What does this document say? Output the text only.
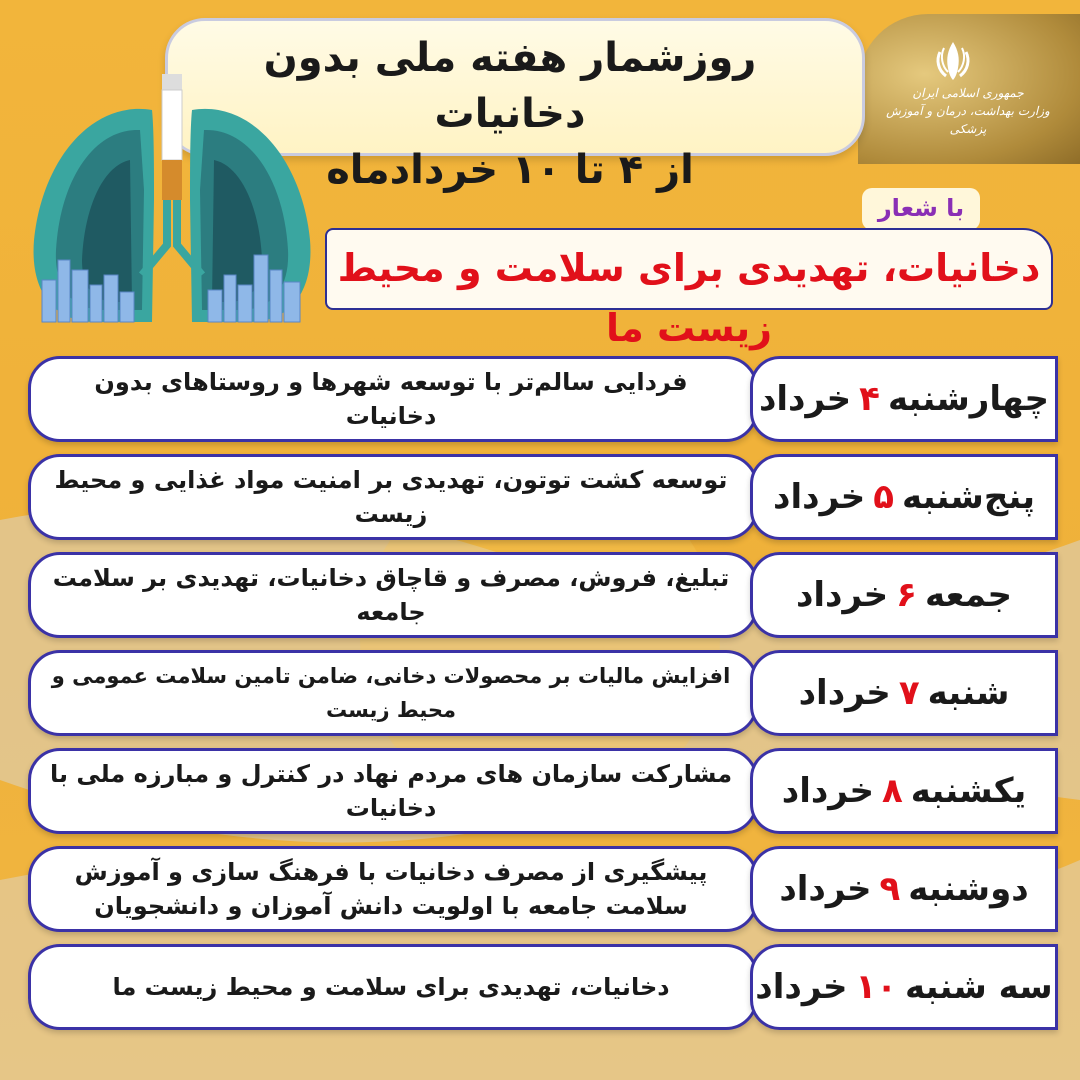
جمهوری اسلامی ایران
وزارت بهداشت، درمان و آموزش پزشکی
روزشمار هفته ملی بدون دخانیات
از ۴ تا ۱۰ خردادماه
با شعار
دخانیات، تهدیدی برای سلامت و محیط زیست ما
فردایی سالم‌تر با توسعه شهرها و روستاهای بدون دخانیات	چهارشنبه
۴
خرداد
توسعه کشت توتون، تهدیدی بر امنیت مواد غذایی و محیط زیست	پنج‌شنبه
۵
خرداد
تبلیغ، فروش، مصرف و قاچاق دخانیات، تهدیدی بر سلامت جامعه	جمعه
۶
خرداد
افزایش مالیات بر محصولات دخانی، ضامن تامین سلامت عمومی و محیط زیست	شنبه
۷
خرداد
مشارکت سازمان های مردم نهاد در کنترل و مبارزه ملی با دخانیات	یکشنبه
۸
خرداد
پیشگیری از مصرف دخانیات با فرهنگ سازی و آموزش سلامت جامعه با اولویت دانش آموزان و دانشجویان	دوشنبه
۹
خرداد
دخانیات، تهدیدی برای سلامت و محیط زیست ما	سه شنبه
۱۰
خرداد
